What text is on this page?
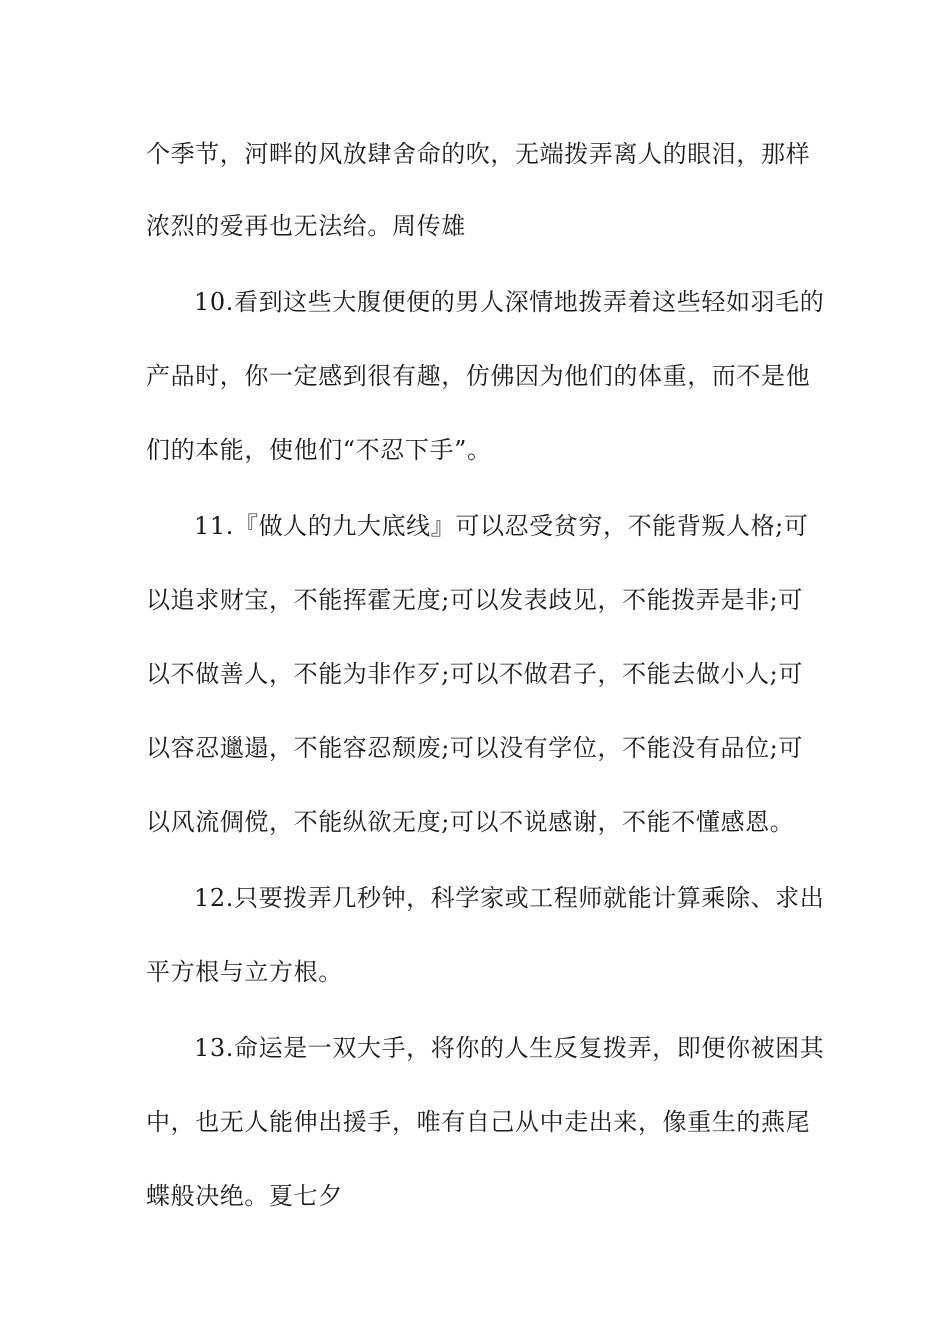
个季节，河畔的风放肆舍命的吹，无端拨弄离人的眼泪，那样

浓烈的爱再也无法给。周传雄

10.看到这些大腹便便的男人深情地拨弄着这些轻如羽毛的

产品时，你一定感到很有趣，仿佛因为他们的体重，而不是他

们的本能，使他们“不忍下手”。

11.『做人的九大底线』可以忍受贫穷，不能背叛人格;可

以追求财宝，不能挥霍无度;可以发表歧见，不能拨弄是非;可

以不做善人，不能为非作歹;可以不做君子，不能去做小人;可

以容忍邋遢，不能容忍颓废;可以没有学位，不能没有品位;可

以风流倜傥，不能纵欲无度;可以不说感谢，不能不懂感恩。

12.只要拨弄几秒钟，科学家或工程师就能计算乘除、求出

平方根与立方根。

13.命运是一双大手，将你的人生反复拨弄，即便你被困其

中，也无人能伸出援手，唯有自己从中走出来，像重生的燕尾

蝶般决绝。夏七夕
